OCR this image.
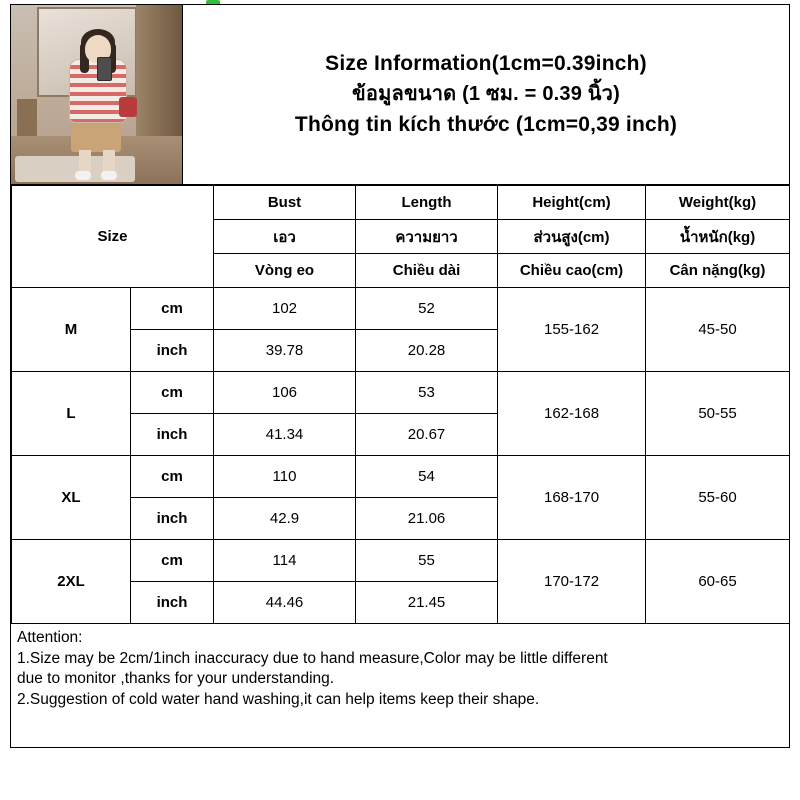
Size Information(1cm=0.39inch)
ข้อมูลขนาด (1 ซม. = 0.39 นิ้ว)
Thông tin kích thước (1cm=0,39 inch)
Size		Bust	Length	Height(cm)	Weight(kg)
		เอว	ความยาว	ส่วนสูง(cm)	น้ำหนัก(kg)
		Vòng eo	Chiều dài	Chiều cao(cm)	Cân nặng(kg)
M	cm	102	52	155-162	45-50
	inch	39.78	20.28		
L	cm	106	53	162-168	50-55
	inch	41.34	20.67		
XL	cm	110	54	168-170	55-60
	inch	42.9	21.06		
2XL	cm	114	55	170-172	60-65
	inch	44.46	21.45		

Attention:

1.Size may be 2cm/1inch inaccuracy due to hand measure,Color may be little different

due to monitor ,thanks for your understanding.

2.Suggestion of cold water hand washing,it can help items keep their shape.
